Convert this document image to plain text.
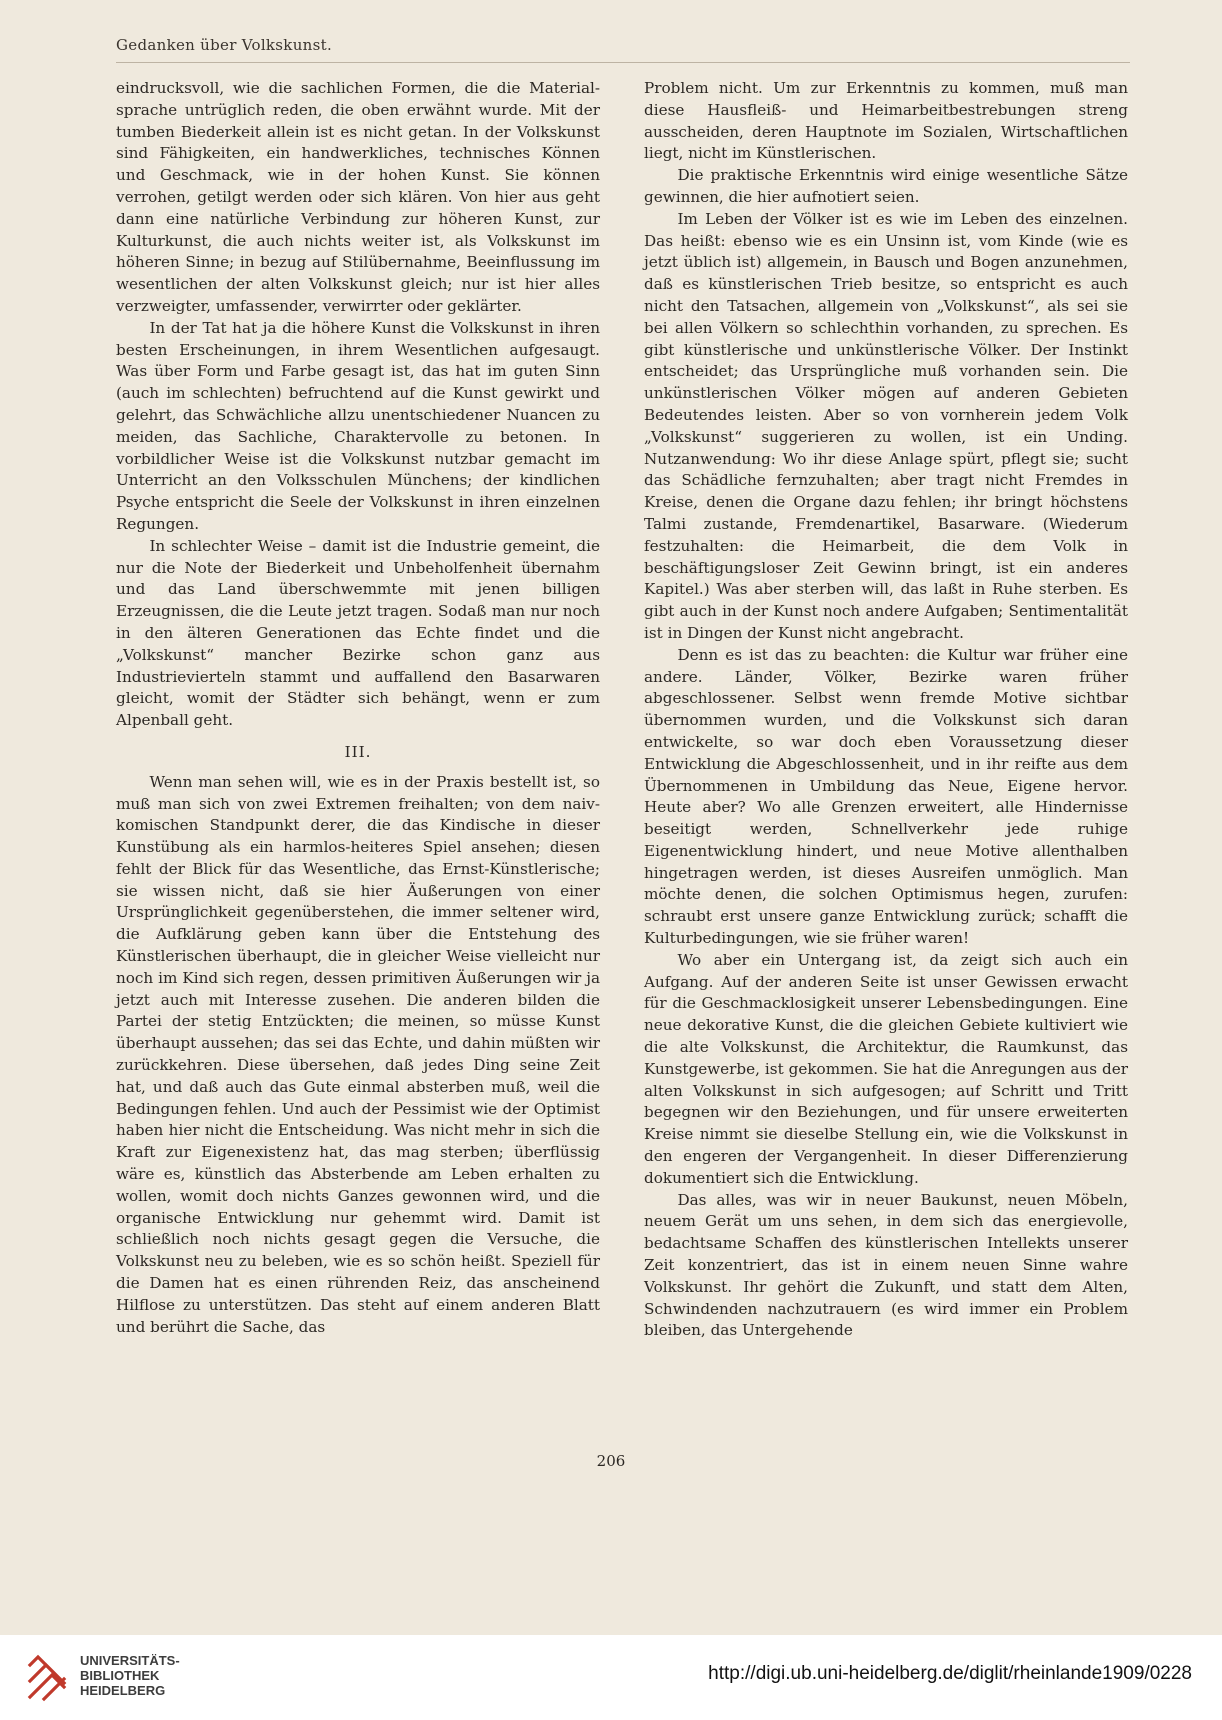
Gedanken über Volkskunst.

eindrucksvoll, wie die sachlichen Formen, die die Material-sprache untrüglich reden, die oben erwähnt wurde. Mit der tumben Biederkeit allein ist es nicht getan. In der Volkskunst sind Fähigkeiten, ein handwerkliches, technisches Können und Geschmack, wie in der hohen Kunst. Sie können verrohen, getilgt werden oder sich klären. Von hier aus geht dann eine natürliche Verbindung zur höheren Kunst, zur Kulturkunst, die auch nichts weiter ist, als Volkskunst im höheren Sinne; in bezug auf Stilübernahme, Beeinflussung im wesentlichen der alten Volkskunst gleich; nur ist hier alles verzweigter, umfassender, verwirrter oder geklärter.

In der Tat hat ja die höhere Kunst die Volkskunst in ihren besten Erscheinungen, in ihrem Wesentlichen aufgesaugt. Was über Form und Farbe gesagt ist, das hat im guten Sinn (auch im schlechten) befruchtend auf die Kunst gewirkt und gelehrt, das Schwächliche allzu unentschiedener Nuancen zu meiden, das Sachliche, Charaktervolle zu betonen. In vorbildlicher Weise ist die Volkskunst nutzbar gemacht im Unterricht an den Volksschulen Münchens; der kindlichen Psyche entspricht die Seele der Volkskunst in ihren einzelnen Regungen.

In schlechter Weise – damit ist die Industrie gemeint, die nur die Note der Biederkeit und Unbeholfenheit übernahm und das Land überschwemmte mit jenen billigen Erzeugnissen, die die Leute jetzt tragen. Sodaß man nur noch in den älteren Generationen das Echte findet und die „Volkskunst“ mancher Bezirke schon ganz aus Industrievierteln stammt und auffallend den Basarwaren gleicht, womit der Städter sich behängt, wenn er zum Alpenball geht.

III.

Wenn man sehen will, wie es in der Praxis bestellt ist, so muß man sich von zwei Extremen freihalten; von dem naiv-komischen Standpunkt derer, die das Kindische in dieser Kunstübung als ein harmlos-heiteres Spiel ansehen; diesen fehlt der Blick für das Wesentliche, das Ernst-Künstlerische; sie wissen nicht, daß sie hier Äußerungen von einer Ursprünglichkeit gegenüberstehen, die immer seltener wird, die Aufklärung geben kann über die Entstehung des Künstlerischen überhaupt, die in gleicher Weise vielleicht nur noch im Kind sich regen, dessen primitiven Äußerungen wir ja jetzt auch mit Interesse zusehen. Die anderen bilden die Partei der stetig Entzückten; die meinen, so müsse Kunst überhaupt aussehen; das sei das Echte, und dahin müßten wir zurückkehren. Diese übersehen, daß jedes Ding seine Zeit hat, und daß auch das Gute einmal absterben muß, weil die Bedingungen fehlen. Und auch der Pessimist wie der Optimist haben hier nicht die Entscheidung. Was nicht mehr in sich die Kraft zur Eigenexistenz hat, das mag sterben; überflüssig wäre es, künstlich das Absterbende am Leben erhalten zu wollen, womit doch nichts Ganzes gewonnen wird, und die organische Entwicklung nur gehemmt wird. Damit ist schließlich noch nichts gesagt gegen die Versuche, die Volkskunst neu zu beleben, wie es so schön heißt. Speziell für die Damen hat es einen rührenden Reiz, das anscheinend Hilflose zu unterstützen. Das steht auf einem anderen Blatt und berührt die Sache, das

Problem nicht. Um zur Erkenntnis zu kommen, muß man diese Hausfleiß- und Heimarbeitbestrebungen streng ausscheiden, deren Hauptnote im Sozialen, Wirtschaftlichen liegt, nicht im Künstlerischen.

Die praktische Erkenntnis wird einige wesentliche Sätze gewinnen, die hier aufnotiert seien.

Im Leben der Völker ist es wie im Leben des einzelnen. Das heißt: ebenso wie es ein Unsinn ist, vom Kinde (wie es jetzt üblich ist) allgemein, in Bausch und Bogen anzunehmen, daß es künstlerischen Trieb besitze, so entspricht es auch nicht den Tatsachen, allgemein von „Volkskunst“, als sei sie bei allen Völkern so schlechthin vorhanden, zu sprechen. Es gibt künstlerische und unkünstlerische Völker. Der Instinkt entscheidet; das Ursprüngliche muß vorhanden sein. Die unkünstlerischen Völker mögen auf anderen Gebieten Bedeutendes leisten. Aber so von vornherein jedem Volk „Volkskunst“ suggerieren zu wollen, ist ein Unding. Nutzanwendung: Wo ihr diese Anlage spürt, pflegt sie; sucht das Schädliche fernzuhalten; aber tragt nicht Fremdes in Kreise, denen die Organe dazu fehlen; ihr bringt höchstens Talmi zustande, Fremdenartikel, Basarware. (Wiederum festzuhalten: die Heimarbeit, die dem Volk in beschäftigungsloser Zeit Gewinn bringt, ist ein anderes Kapitel.) Was aber sterben will, das laßt in Ruhe sterben. Es gibt auch in der Kunst noch andere Aufgaben; Sentimentalität ist in Dingen der Kunst nicht angebracht.

Denn es ist das zu beachten: die Kultur war früher eine andere. Länder, Völker, Bezirke waren früher abgeschlossener. Selbst wenn fremde Motive sichtbar übernommen wurden, und die Volkskunst sich daran entwickelte, so war doch eben Voraussetzung dieser Entwicklung die Abgeschlossenheit, und in ihr reifte aus dem Übernommenen in Umbildung das Neue, Eigene hervor. Heute aber? Wo alle Grenzen erweitert, alle Hindernisse beseitigt werden, Schnellverkehr jede ruhige Eigenentwicklung hindert, und neue Motive allenthalben hingetragen werden, ist dieses Ausreifen unmöglich. Man möchte denen, die solchen Optimismus hegen, zurufen: schraubt erst unsere ganze Entwicklung zurück; schafft die Kulturbedingungen, wie sie früher waren!

Wo aber ein Untergang ist, da zeigt sich auch ein Aufgang. Auf der anderen Seite ist unser Gewissen erwacht für die Geschmacklosigkeit unserer Lebensbedingungen. Eine neue dekorative Kunst, die die gleichen Gebiete kultiviert wie die alte Volkskunst, die Architektur, die Raumkunst, das Kunstgewerbe, ist gekommen. Sie hat die Anregungen aus der alten Volkskunst in sich aufgesogen; auf Schritt und Tritt begegnen wir den Beziehungen, und für unsere erweiterten Kreise nimmt sie dieselbe Stellung ein, wie die Volkskunst in den engeren der Vergangenheit. In dieser Differenzierung dokumentiert sich die Entwicklung.

Das alles, was wir in neuer Baukunst, neuen Möbeln, neuem Gerät um uns sehen, in dem sich das energievolle, bedachtsame Schaffen des künstlerischen Intellekts unserer Zeit konzentriert, das ist in einem neuen Sinne wahre Volkskunst. Ihr gehört die Zukunft, und statt dem Alten, Schwindenden nachzutrauern (es wird immer ein Problem bleiben, das Untergehende

206
UNIVERSITÄTS-
BIBLIOTHEK
HEIDELBERG
http://digi.ub.uni-heidelberg.de/diglit/rheinlande1909/0228
